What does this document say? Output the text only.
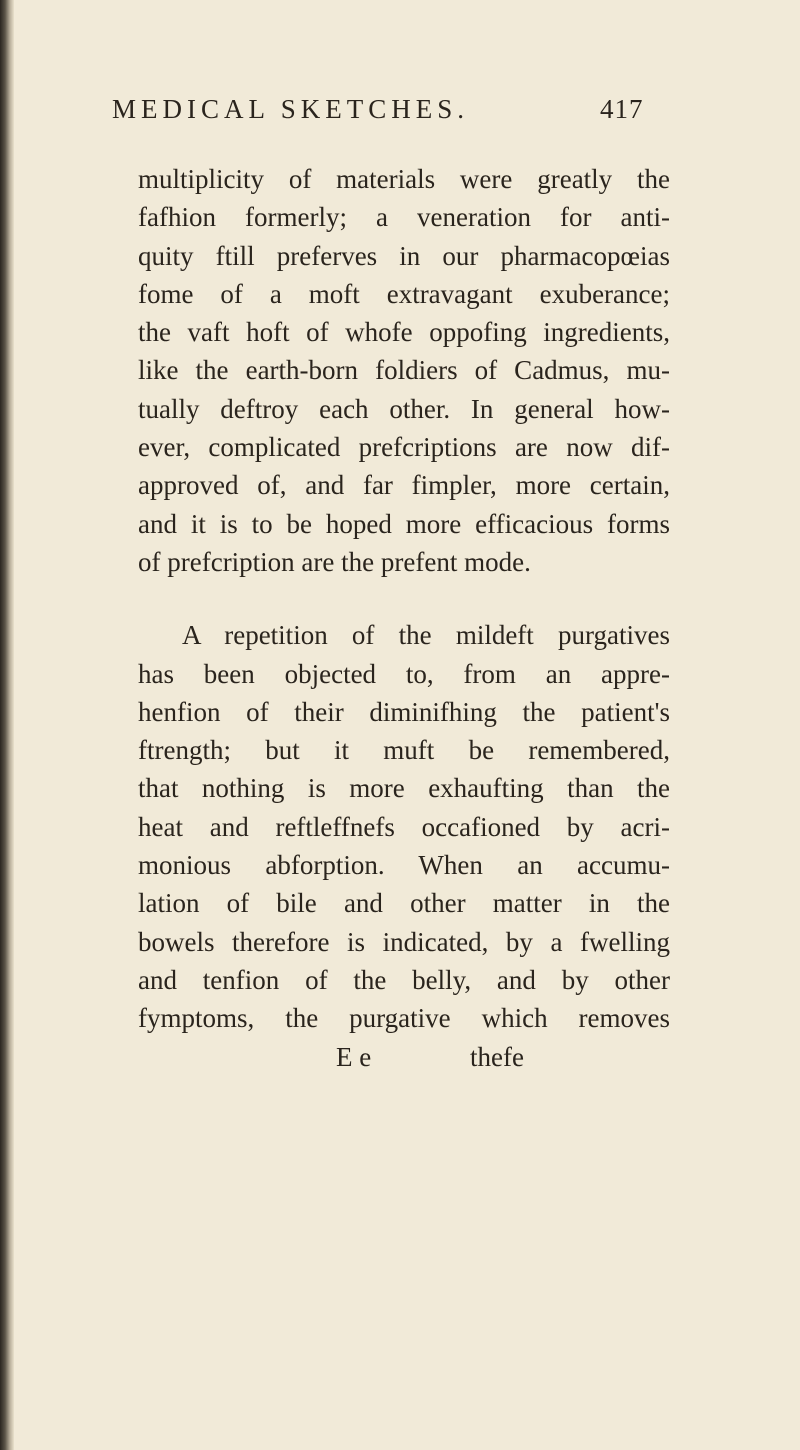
MEDICAL SKETCHES.	417
multiplicity of materials were greatly the
fafhion formerly; a veneration for anti-
quity ftill preferves in our pharmacopœias
fome of a moft extravagant exuberance;
the vaft hoft of whofe oppofing ingredients,
like the earth-born foldiers of Cadmus, mu-
tually deftroy each other. In general how-
ever, complicated prefcriptions are now dif-
approved of, and far fimpler, more certain,
and it is to be hoped more efficacious forms
of prefcription are the prefent mode.
A repetition of the mildeft purgatives
has been objected to, from an appre-
henfion of their diminifhing the patient's
ftrength; but it muft be remembered,
that nothing is more exhaufting than the
heat and reftleffnefs occafioned by acri-
monious abforption. When an accumu-
lation of bile and other matter in the
bowels therefore is indicated, by a fwelling
and tenfion of the belly, and by other
fymptoms, the purgative which removes
E e	thefe
